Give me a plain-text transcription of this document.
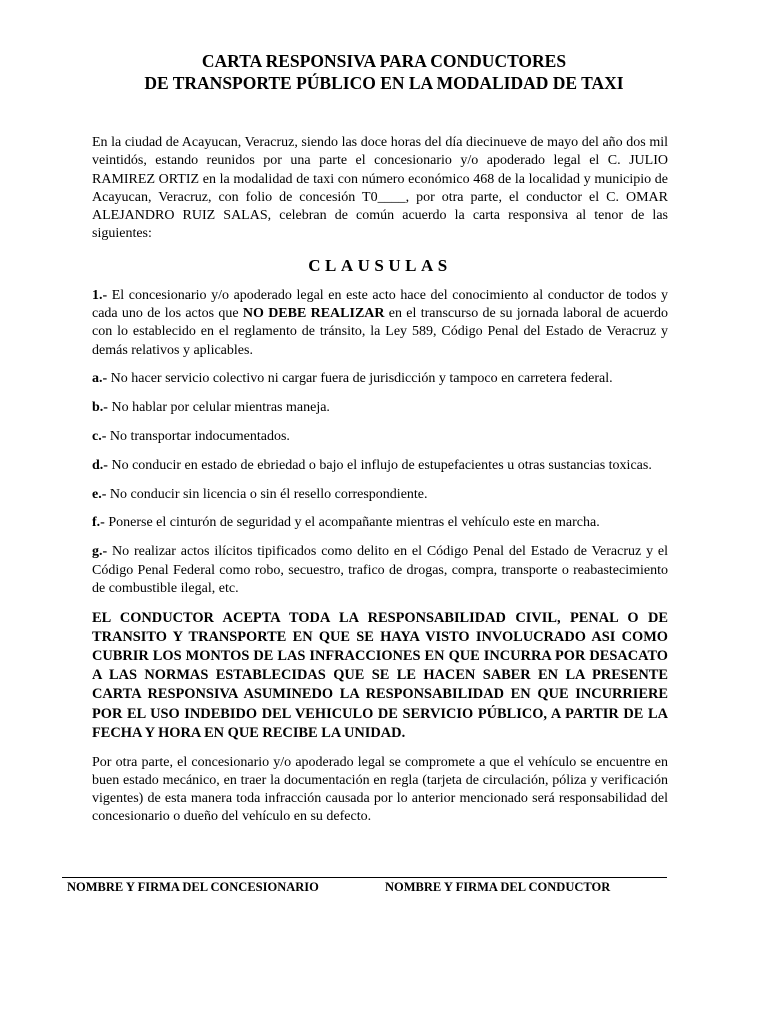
CARTA RESPONSIVA PARA CONDUCTORES
DE TRANSPORTE PÚBLICO EN LA MODALIDAD DE TAXI

En la ciudad de Acayucan, Veracruz, siendo las doce horas del día diecinueve de mayo del año dos mil veintidós, estando reunidos por una parte el concesionario y/o apoderado legal el C. JULIO RAMIREZ ORTIZ en la modalidad de taxi con número económico 468 de la localidad y municipio de Acayucan, Veracruz, con folio de concesión T0____, por otra parte, el conductor el C. OMAR ALEJANDRO RUIZ SALAS, celebran de común acuerdo la carta responsiva al tenor de las siguientes:

CLAUSULAS

1.- El concesionario y/o apoderado legal en este acto hace del conocimiento al conductor de todos y cada uno de los actos que NO DEBE REALIZAR en el transcurso de su jornada laboral de acuerdo con lo establecido en el reglamento de tránsito, la Ley 589, Código Penal del Estado de Veracruz y demás relativos y aplicables.

a.- No hacer servicio colectivo ni cargar fuera de jurisdicción y tampoco en carretera federal.

b.- No hablar por celular mientras maneja.

c.- No transportar indocumentados.

d.- No conducir en estado de ebriedad o bajo el influjo de estupefacientes u otras sustancias toxicas.

e.- No conducir sin licencia o sin él resello correspondiente.

f.- Ponerse el cinturón de seguridad y el acompañante mientras el vehículo este en marcha.

g.- No realizar actos ilícitos tipificados como delito en el Código Penal del Estado de Veracruz y el Código Penal Federal como robo, secuestro, trafico de drogas, compra, transporte o reabastecimiento de combustible ilegal, etc.

EL CONDUCTOR ACEPTA TODA LA RESPONSABILIDAD CIVIL, PENAL O DE TRANSITO Y TRANSPORTE EN QUE SE HAYA VISTO INVOLUCRADO ASI COMO CUBRIR LOS MONTOS DE LAS INFRACCIONES EN QUE INCURRA POR DESACATO A LAS NORMAS ESTABLECIDAS QUE SE LE HACEN SABER EN LA PRESENTE CARTA RESPONSIVA ASUMINEDO LA RESPONSABILIDAD EN QUE INCURRIERE POR EL USO INDEBIDO DEL VEHICULO DE SERVICIO PÚBLICO, A PARTIR DE LA FECHA Y HORA EN QUE RECIBE LA UNIDAD.

Por otra parte, el concesionario y/o apoderado legal se compromete a que el vehículo se encuentre en buen estado mecánico, en traer la documentación en regla (tarjeta de circulación, póliza y verificación vigentes) de esta manera toda infracción causada por lo anterior mencionado será responsabilidad del concesionario o dueño del vehículo en su defecto.

NOMBRE Y FIRMA DEL CONCESIONARIO	NOMBRE Y FIRMA DEL CONDUCTOR
